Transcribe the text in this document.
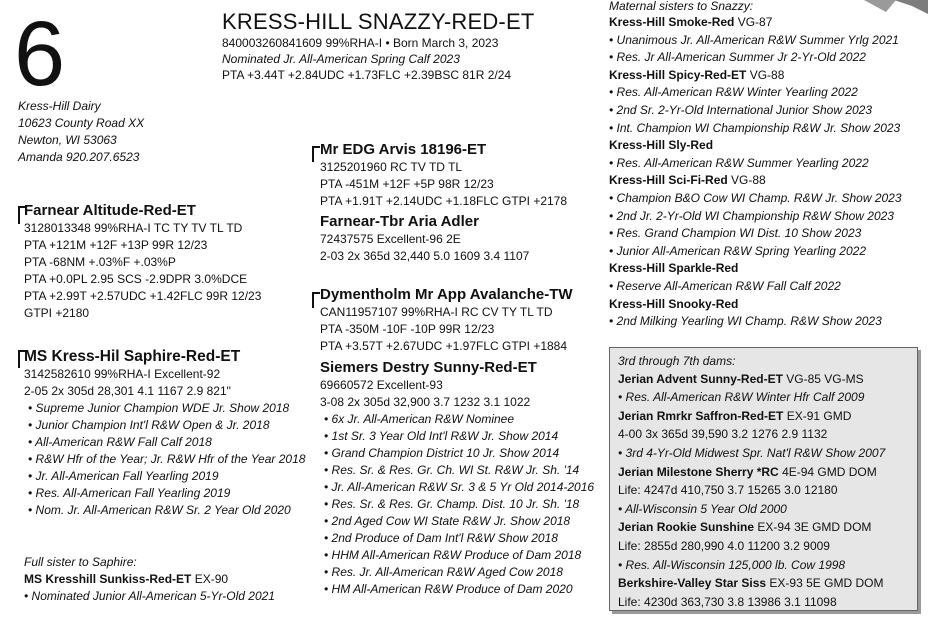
6	KRESS-HILL SNAZZY-RED-ET
840003260841609 99%RHA-I • Born March 3, 2023
Nominated Jr. All-American Spring Calf 2023
PTA +3.44T +2.84UDC +1.73FLC +2.39BSC 81R 2/24
Kress-Hill Dairy
10623 County Road XX
Newton, WI 53063
Amanda 920.207.6523
Farnear Altitude-Red-ET
3128013348 99%RHA-I TC TY TV TL TD
PTA +121M +12F +13P 99R 12/23
PTA -68NM +.03%F +.03%P
PTA +0.0PL 2.95 SCS -2.9DPR 3.0%DCE
PTA +2.99T +2.57UDC +1.42FLC 99R 12/23
GTPI +2180
MS Kress-Hil Saphire-Red-ET
3142582610 99%RHA-I Excellent-92
2-05 2x 305d 28,301 4.1 1167 2.9 821"
• Supreme Junior Champion WDE Jr. Show 2018
• Junior Champion Int'l R&W Open & Jr. 2018
• All-American R&W Fall Calf 2018
• R&W Hfr of the Year; Jr. R&W Hfr of the Year 2018
• Jr. All-American Fall Yearling 2019
• Res. All-American Fall Yearling 2019
• Nom. Jr. All-American R&W Sr. 2 Year Old 2020
Full sister to Saphire:
MS Kresshill Sunkiss-Red-ET EX-90
• Nominated Junior All-American 5-Yr-Old 2021
Mr EDG Arvis 18196-ET
3125201960 RC TV TD TL
PTA -451M +12F +5P 98R 12/23
PTA +1.91T +2.14UDC +1.18FLC GTPI +2178
Farnear-Tbr Aria Adler
72437575 Excellent-96 2E
2-03 2x 365d 32,440 5.0 1609 3.4 1107
Dymentholm Mr App Avalanche-TW
CAN11957107 99%RHA-I RC CV TY TL TD
PTA -350M -10F -10P 99R 12/23
PTA +3.57T +2.67UDC +1.97FLC GTPI +1884
Siemers Destry Sunny-Red-ET
69660572 Excellent-93
3-08 2x 305d 32,900 3.7 1232 3.1 1022
• 6x Jr. All-American R&W Nominee
• 1st Sr. 3 Year Old Int'l R&W Jr. Show 2014
• Grand Champion District 10 Jr. Show 2014
• Res. Sr. & Res. Gr. Ch. WI St. R&W Jr. Sh. '14
• Jr. All-American R&W Sr. 3 & 5 Yr Old 2014-2016
• Res. Sr. & Res. Gr. Champ. Dist. 10 Jr. Sh. '18
• 2nd Aged Cow WI State R&W Jr. Show 2018
• 2nd Produce of Dam Int'l R&W Show 2018
• HHM All-American R&W Produce of Dam 2018
• Res. Jr. All-American R&W Aged Cow 2018
• HM All-American R&W Produce of Dam 2020
Maternal sisters to Snazzy:
Kress-Hill Smoke-Red VG-87
• Unanimous Jr. All-American R&W Summer Yrlg 2021
• Res. Jr All-American Summer Jr 2-Yr-Old 2022
Kress-Hill Spicy-Red-ET VG-88
• Res. All-American R&W Winter Yearling 2022
• 2nd Sr. 2-Yr-Old International Junior Show 2023
• Int. Champion WI Championship R&W Jr. Show 2023
Kress-Hill Sly-Red
• Res. All-American R&W Summer Yearling 2022
Kress-Hill Sci-Fi-Red VG-88
• Champion B&O Cow WI Champ. R&W Jr. Show 2023
• 2nd Jr. 2-Yr-Old WI Championship R&W Show 2023
• Res. Grand Champion WI Dist. 10 Show 2023
• Junior All-American R&W Spring Yearling 2022
Kress-Hill Sparkle-Red
• Reserve All-American R&W Fall Calf 2022
Kress-Hill Snooky-Red
• 2nd Milking Yearling WI Champ. R&W Show 2023
3rd through 7th dams:
Jerian Advent Sunny-Red-ET VG-85 VG-MS
• Res. All-American R&W Winter Hfr Calf 2009
Jerian Rmrkr Saffron-Red-ET EX-91 GMD
4-00 3x 365d 39,590 3.2 1276 2.9 1132
• 3rd 4-Yr-Old Midwest Spr. Nat'l R&W Show 2007
Jerian Milestone Sherry *RC 4E-94 GMD DOM
Life: 4247d 410,750 3.7 15265 3.0 12180
• All-Wisconsin 5 Year Old 2000
Jerian Rookie Sunshine EX-94 3E GMD DOM
Life: 2855d 280,990 4.0 11200 3.2 9009
• Res. All-Wisconsin 125,000 lb. Cow 1998
Berkshire-Valley Star Siss EX-93 5E GMD DOM
Life: 4230d 363,730 3.8 13986 3.1 11098
